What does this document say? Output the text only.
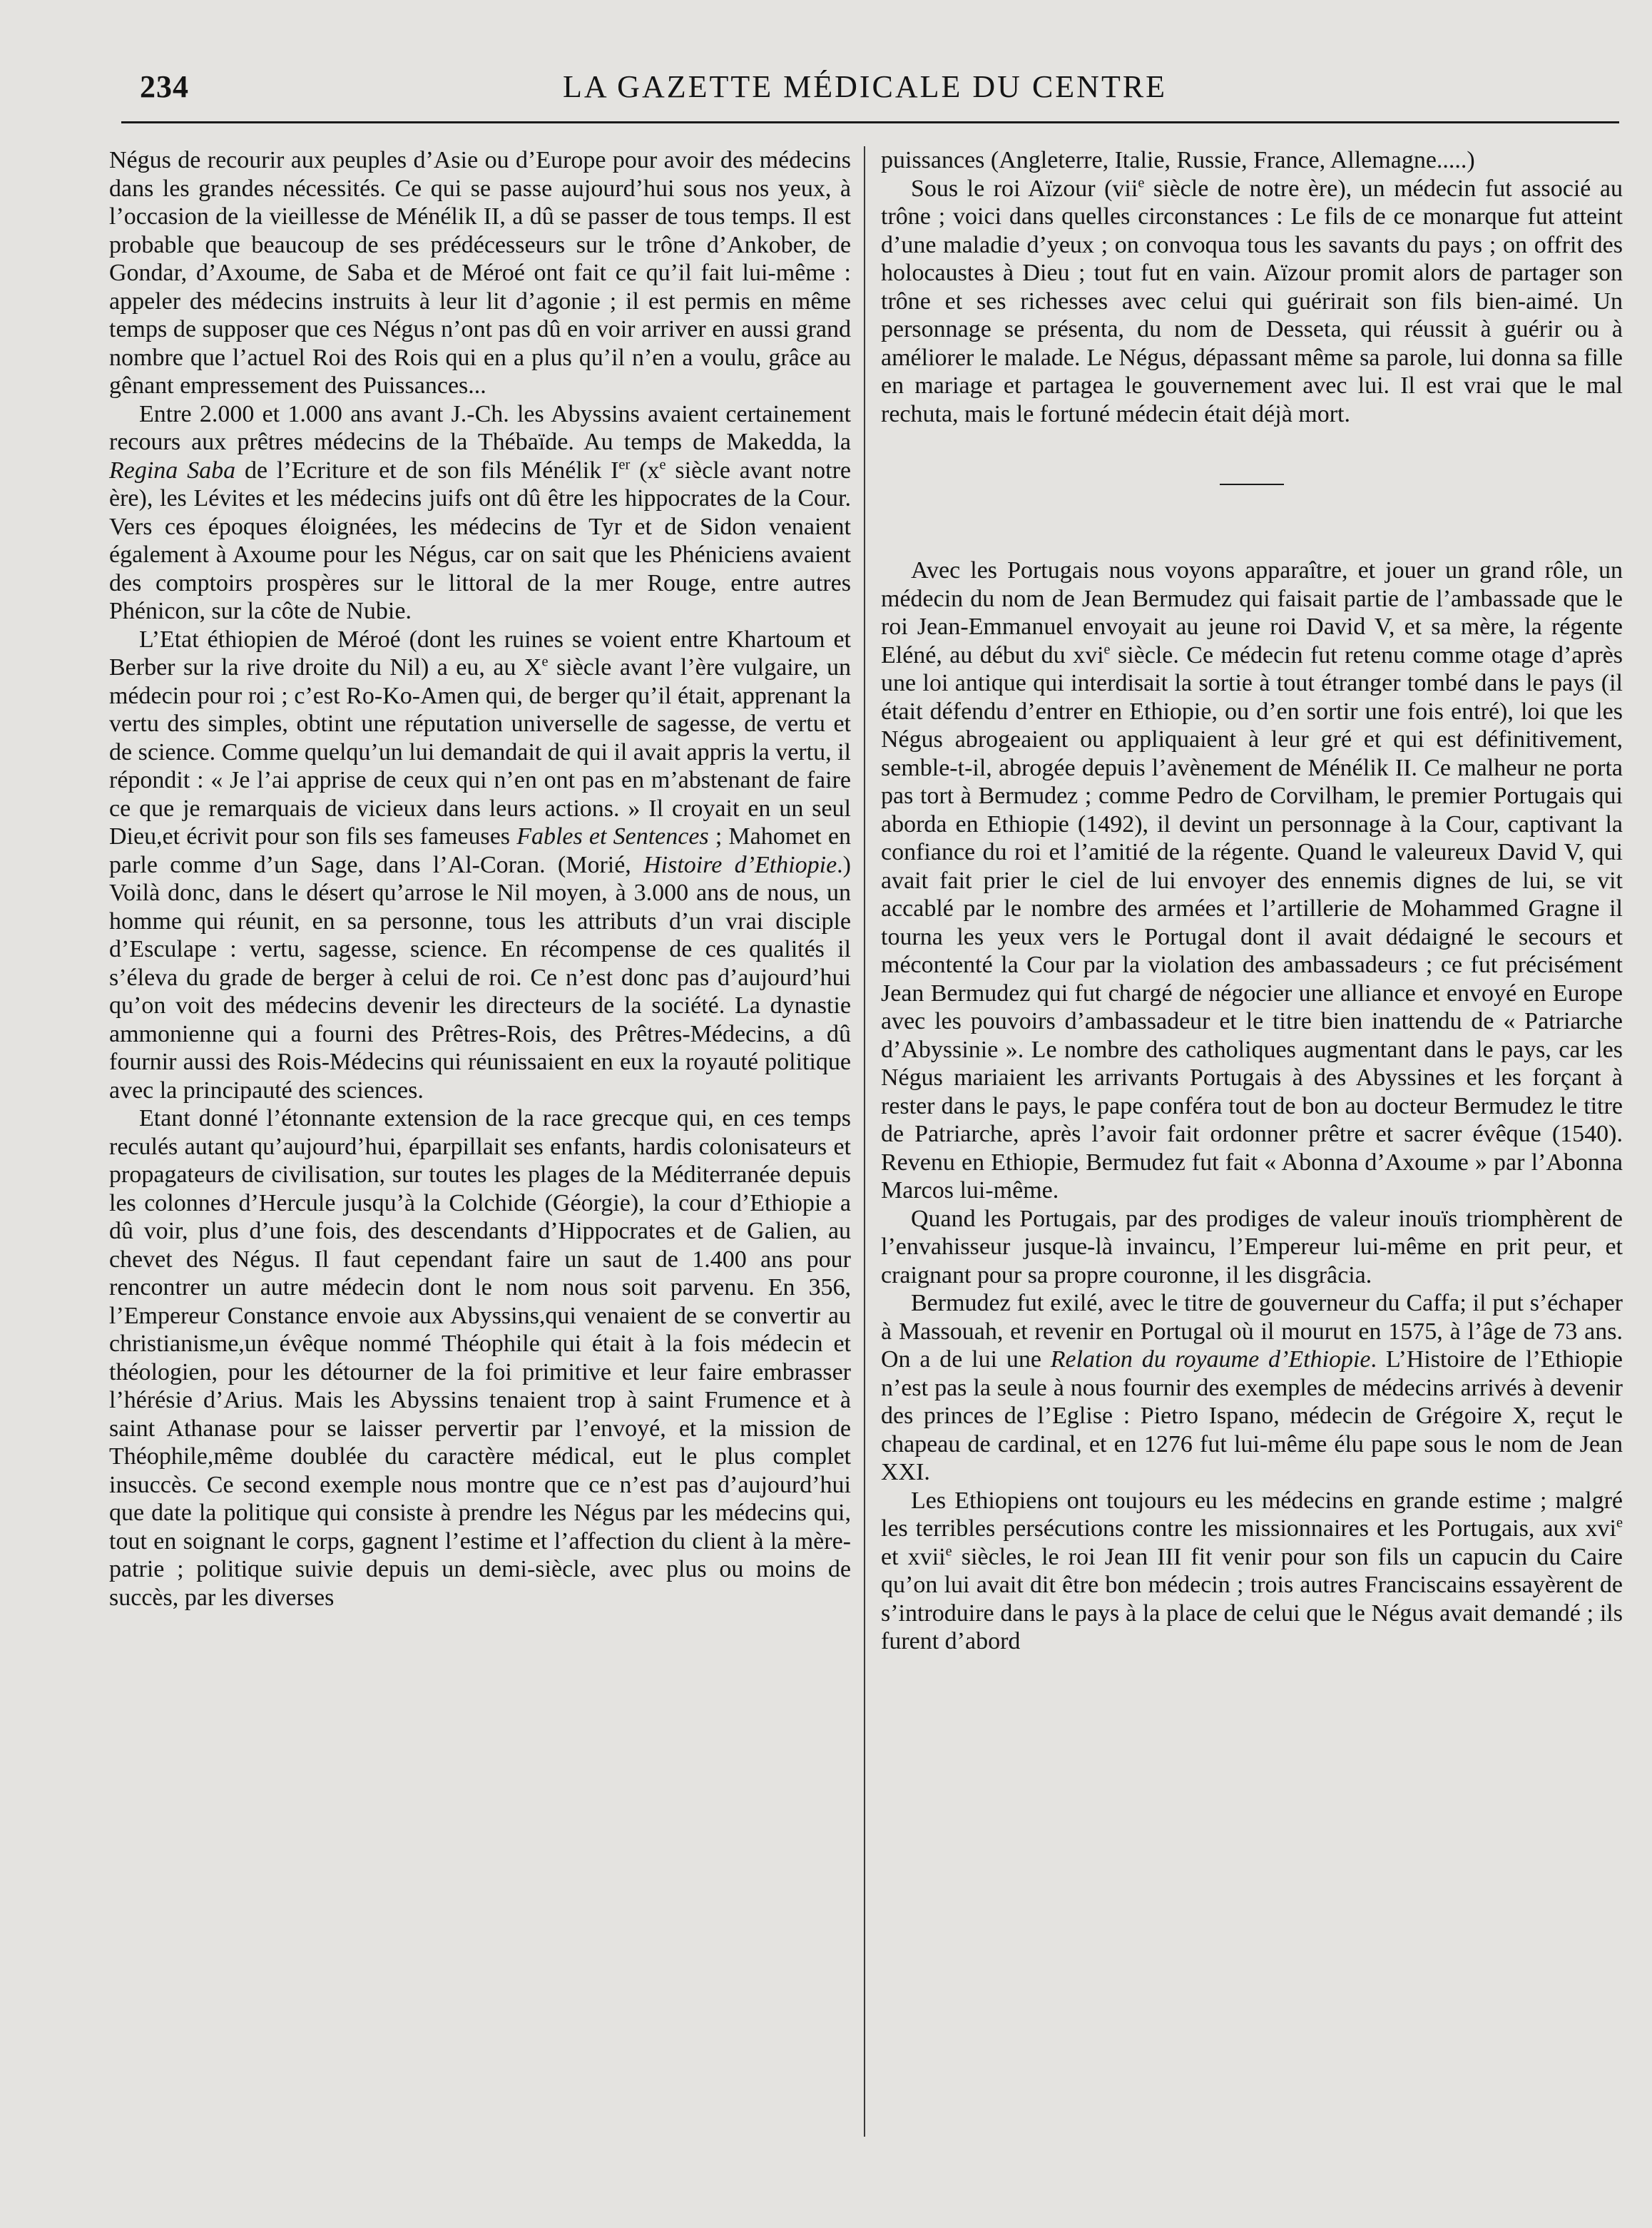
234	LA GAZETTE MÉDICALE DU CENTRE

Négus de recourir aux peuples d’Asie ou d’Europe pour avoir des médecins dans les grandes nécessités. Ce qui se passe aujourd’hui sous nos yeux, à l’occasion de la vieillesse de Ménélik II, a dû se passer de tous temps. Il est probable que beaucoup de ses prédécesseurs sur le trône d’Ankober, de Gondar, d’Axoume, de Saba et de Méroé ont fait ce qu’il fait lui-même : appeler des médecins instruits à leur lit d’agonie ; il est permis en même temps de supposer que ces Négus n’ont pas dû en voir arriver en aussi grand nombre que l’actuel Roi des Rois qui en a plus qu’il n’en a voulu, grâce au gênant empressement des Puissances...

Entre 2.000 et 1.000 ans avant J.-Ch. les Abyssins avaient certainement recours aux prêtres médecins de la Thébaïde. Au temps de Makedda, la Regina Saba de l’Ecriture et de son fils Ménélik Ier ($x^e$ siècle avant notre ère), les Lévites et les médecins juifs ont dû être les hippocrates de la Cour. Vers ces époques éloignées, les médecins de Tyr et de Sidon venaient également à Axoume pour les Négus, car on sait que les Phéniciens avaient des comptoirs prospères sur le littoral de la mer Rouge, entre autres Phénicon, sur la côte de Nubie.

L’Etat éthiopien de Méroé (dont les ruines se voient entre Khartoum et Berber sur la rive droite du Nil) a eu, au Xe siècle avant l’ère vulgaire, un médecin pour roi ; c’est Ro-Ko-Amen qui, de berger qu’il était, apprenant la vertu des simples, obtint une réputation universelle de sagesse, de vertu et de science. Comme quelqu’un lui demandait de qui il avait appris la vertu, il répondit : « Je l’ai apprise de ceux qui n’en ont pas en m’abstenant de faire ce que je remarquais de vicieux dans leurs actions. » Il croyait en un seul Dieu,et écrivit pour son fils ses fameuses Fables et Sentences ; Mahomet en parle comme d’un Sage, dans l’Al-Coran. (Morié, Histoire d’Ethiopie.) Voilà donc, dans le désert qu’arrose le Nil moyen, à 3.000 ans de nous, un homme qui réunit, en sa personne, tous les attributs d’un vrai disciple d’Esculape : vertu, sagesse, science. En récompense de ces qualités il s’éleva du grade de berger à celui de roi. Ce n’est donc pas d’aujourd’hui qu’on voit des médecins devenir les directeurs de la société. La dynastie ammonienne qui a fourni des Prêtres-Rois, des Prêtres-Médecins, a dû fournir aussi des Rois-Médecins qui réunissaient en eux la royauté politique avec la principauté des sciences.

Etant donné l’étonnante extension de la race grecque qui, en ces temps reculés autant qu’aujourd’hui, éparpillait ses enfants, hardis colonisateurs et propagateurs de civilisation, sur toutes les plages de la Méditerranée depuis les colonnes d’Hercule jusqu’à la Colchide (Géorgie), la cour d’Ethiopie a dû voir, plus d’une fois, des descendants d’Hippocrates et de Galien, au chevet des Négus. Il faut cependant faire un saut de 1.400 ans pour rencontrer un autre médecin dont le nom nous soit parvenu. En 356, l’Empereur Constance envoie aux Abyssins,qui venaient de se convertir au christianisme,un évêque nommé Théophile qui était à la fois médecin et théologien, pour les détourner de la foi primitive et leur faire embrasser l’hérésie d’Arius. Mais les Abyssins tenaient trop à saint Frumence et à saint Athanase pour se laisser pervertir par l’envoyé, et la mission de Théophile,même doublée du caractère médical, eut le plus complet insuccès. Ce second exemple nous montre que ce n’est pas d’aujourd’hui que date la politique qui consiste à prendre les Négus par les médecins qui, tout en soignant le corps, gagnent l’estime et l’affection du client à la mère-patrie ; politique suivie depuis un demi-siècle, avec plus ou moins de succès, par les diverses

puissances (Angleterre, Italie, Russie, France, Allemagne.....)

Sous le roi Aïzour (vii$^e$ siècle de notre ère), un médecin fut associé au trône ; voici dans quelles circonstances : Le fils de ce monarque fut atteint d’une maladie d’yeux ; on convoqua tous les savants du pays ; on offrit des holocaustes à Dieu ; tout fut en vain. Aïzour promit alors de partager son trône et ses richesses avec celui qui guérirait son fils bien-aimé. Un personnage se présenta, du nom de Desseta, qui réussit à guérir ou à améliorer le malade. Le Négus, dépassant même sa parole, lui donna sa fille en mariage et partagea le gouvernement avec lui. Il est vrai que le mal rechuta, mais le fortuné médecin était déjà mort.

Avec les Portugais nous voyons apparaître, et jouer un grand rôle, un médecin du nom de Jean Bermudez qui faisait partie de l’ambassade que le roi Jean-Emmanuel envoyait au jeune roi David V, et sa mère, la régente Eléné, au début du xvi$^e$ siècle. Ce médecin fut retenu comme otage d’après une loi antique qui interdisait la sortie à tout étranger tombé dans le pays (il était défendu d’entrer en Ethiopie, ou d’en sortir une fois entré), loi que les Négus abrogeaient ou appliquaient à leur gré et qui est définitivement, semble-t-il, abrogée depuis l’avènement de Ménélik II. Ce malheur ne porta pas tort à Bermudez ; comme Pedro de Corvilham, le premier Portugais qui aborda en Ethiopie (1492), il devint un personnage à la Cour, captivant la confiance du roi et l’amitié de la régente. Quand le valeureux David V, qui avait fait prier le ciel de lui envoyer des ennemis dignes de lui, se vit accablé par le nombre des armées et l’artillerie de Mohammed Gragne il tourna les yeux vers le Portugal dont il avait dédaigné le secours et mécontenté la Cour par la violation des ambassadeurs ; ce fut précisément Jean Bermudez qui fut chargé de négocier une alliance et envoyé en Europe avec les pouvoirs d’ambassadeur et le titre bien inattendu de « Patriarche d’Abyssinie ». Le nombre des catholiques augmentant dans le pays, car les Négus mariaient les arrivants Portugais à des Abyssines et les forçant à rester dans le pays, le pape conféra tout de bon au docteur Bermudez le titre de Patriarche, après l’avoir fait ordonner prêtre et sacrer évêque (1540). Revenu en Ethiopie, Bermudez fut fait « Abonna d’Axoume » par l’Abonna Marcos lui-même.

Quand les Portugais, par des prodiges de valeur inouïs triomphèrent de l’envahisseur jusque-là invaincu, l’Empereur lui-même en prit peur, et craignant pour sa propre couronne, il les disgrâcia.

Bermudez fut exilé, avec le titre de gouverneur du Caffa; il put s’échaper à Massouah, et revenir en Portugal où il mourut en 1575, à l’âge de 73 ans. On a de lui une Relation du royaume d’Ethiopie. L’Histoire de l’Ethiopie n’est pas la seule à nous fournir des exemples de médecins arrivés à devenir des princes de l’Eglise : Pietro Ispano, médecin de Grégoire X, reçut le chapeau de cardinal, et en 1276 fut lui-même élu pape sous le nom de Jean XXI.

Les Ethiopiens ont toujours eu les médecins en grande estime ; malgré les terribles persécutions contre les missionnaires et les Portugais, aux xvi$^e$ et xvii$^e$ siècles, le roi Jean III fit venir pour son fils un capucin du Caire qu’on lui avait dit être bon médecin ; trois autres Franciscains essayèrent de s’introduire dans le pays à la place de celui que le Négus avait demandé ; ils furent d’abord
